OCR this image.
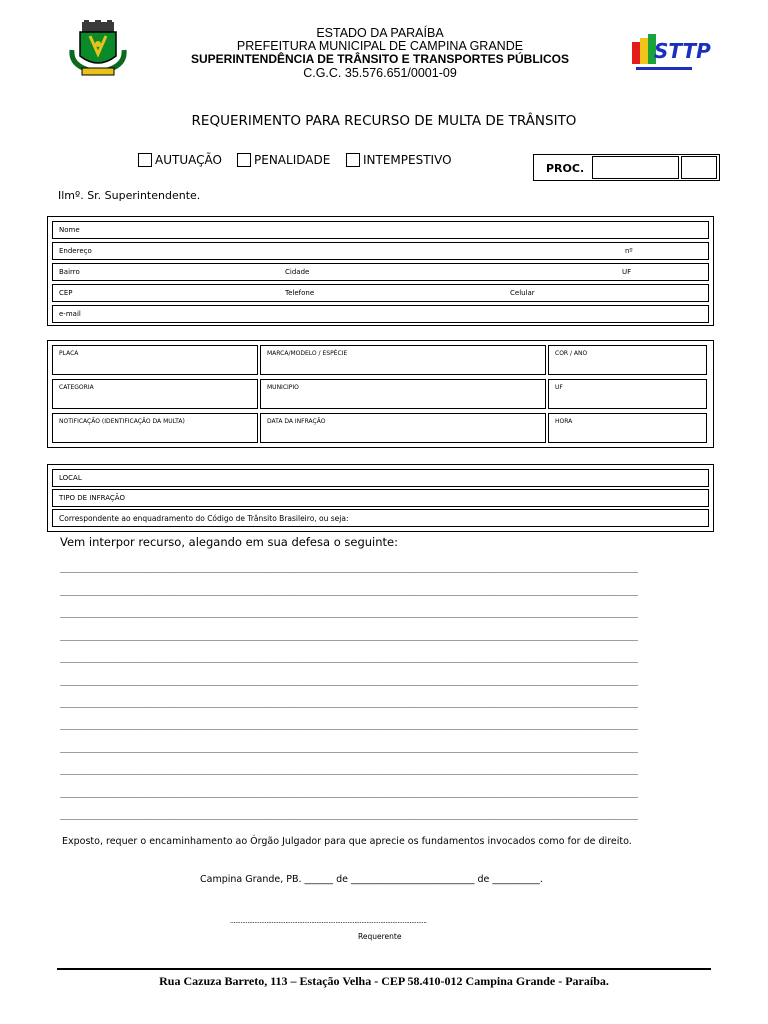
STTP
ESTADO DA PARAÍBA
PREFEITURA MUNICIPAL DE CAMPINA GRANDE
SUPERINTENDÊNCIA DE TRÂNSITO E TRANSPORTES PÚBLICOS
C.G.C. 35.576.651/0001-09
REQUERIMENTO PARA RECURSO DE MULTA DE TRÂNSITO
AUTUAÇÃO	PENALIDADE	INTEMPESTIVO
PROC.
Ilmº. Sr. Superintendente.
Nome
Endereço	nº
Bairro	Cidade	UF
CEP	Telefone	Celular
e-mail
PLACA	MARCA/MODELO / ESPÉCIE	COR / ANO
CATEGORIA	MUNICIPIO	UF
NOTIFICAÇÃO (IDENTIFICAÇÃO DA MULTA)	DATA DA INFRAÇÃO	HORA
LOCAL
TIPO DE INFRAÇÃO
Correspondente ao enquadramento do Código de Trânsito Brasileiro, ou seja:
Vem interpor recurso, alegando em sua defesa o seguinte:
_____________________________________________________________________________________________________
_____________________________________________________________________________________________________
_____________________________________________________________________________________________________
_____________________________________________________________________________________________________
_____________________________________________________________________________________________________
_____________________________________________________________________________________________________
_____________________________________________________________________________________________________
_____________________________________________________________________________________________________
_____________________________________________________________________________________________________
_____________________________________________________________________________________________________
_____________________________________________________________________________________________________
_____________________________________________________________________________________________________
Exposto, requer o encaminhamento ao Órgão Julgador para que aprecie os fundamentos invocados como for de direito.
Campina Grande, PB. ______ de __________________________ de __________.
..................................................................................................................
Requerente
Rua Cazuza Barreto, 113 – Estação Velha - CEP 58.410-012 Campina Grande - Paraíba.
